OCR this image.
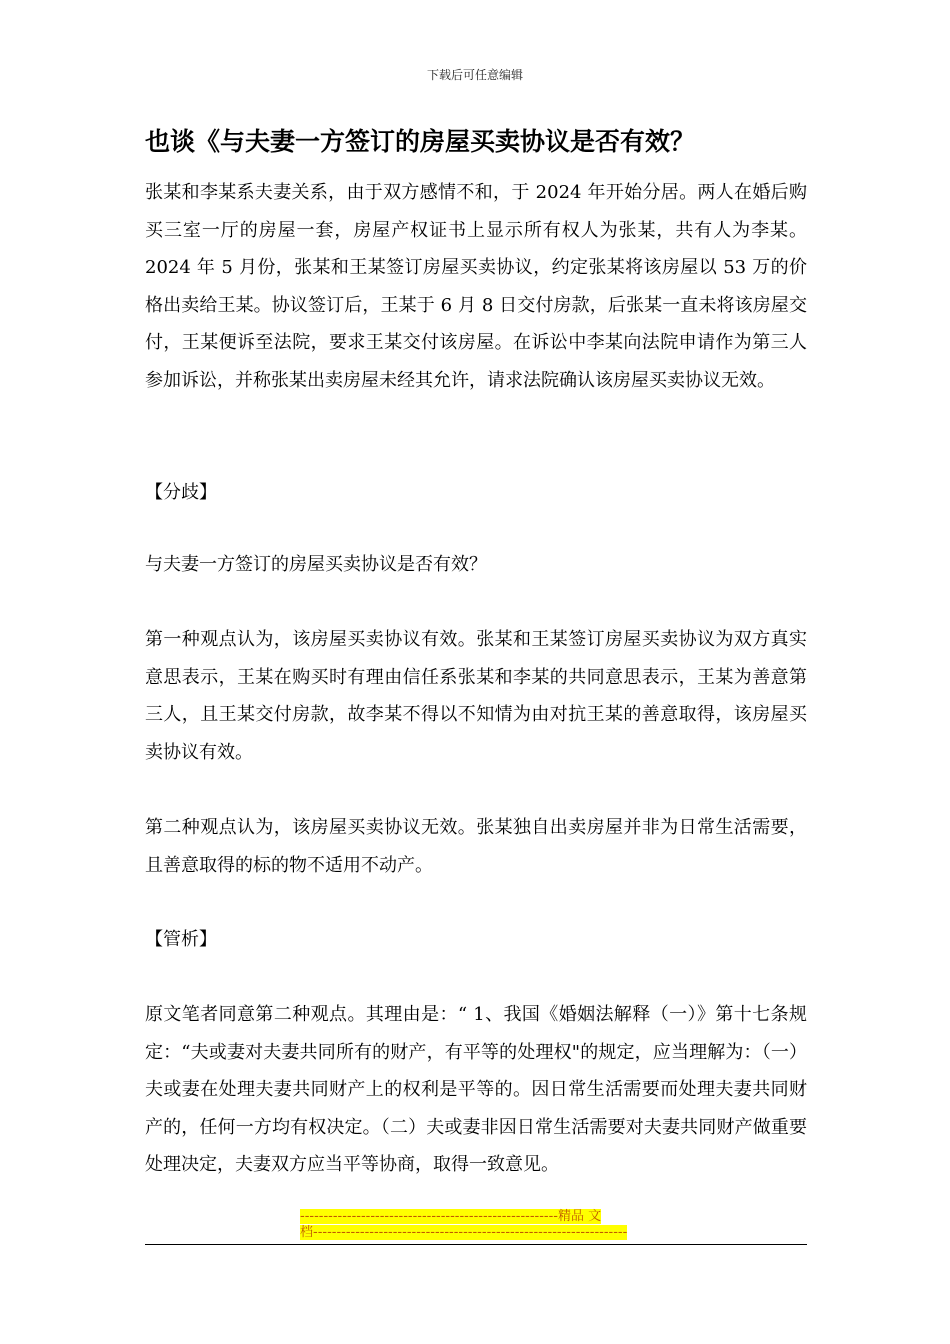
下载后可任意编辑
也谈《与夫妻一方签订的房屋买卖协议是否有效？

张某和李某系夫妻关系，由于双方感情不和，于 2024 年开始分居。两人在婚后购买三室一厅的房屋一套，房屋产权证书上显示所有权人为张某，共有人为李某。2024 年 5 月份，张某和王某签订房屋买卖协议，约定张某将该房屋以 53 万的价格出卖给王某。协议签订后，王某于 6 月 8 日交付房款，后张某一直未将该房屋交付，王某便诉至法院，要求王某交付该房屋。在诉讼中李某向法院申请作为第三人参加诉讼，并称张某出卖房屋未经其允许，请求法院确认该房屋买卖协议无效。

【分歧】

与夫妻一方签订的房屋买卖协议是否有效？

第一种观点认为，该房屋买卖协议有效。张某和王某签订房屋买卖协议为双方真实意思表示，王某在购买时有理由信任系张某和李某的共同意思表示，王某为善意第三人，且王某交付房款，故李某不得以不知情为由对抗王某的善意取得，该房屋买卖协议有效。

第二种观点认为，该房屋买卖协议无效。张某独自出卖房屋并非为日常生活需要，且善意取得的标的物不适用不动产。

【管析】

原文笔者同意第二种观点。其理由是：“ 1、我国《婚姻法解释（一）》第十七条规定：“夫或妻对夫妻共同所有的财产，有平等的处理权"的规定，应当理解为：（一）夫或妻在处理夫妻共同财产上的权利是平等的。因日常生活需要而处理夫妻共同财产的，任何一方均有权决定。（二）夫或妻非因日常生活需要对夫妻共同财产做重要处理决定，夫妻双方应当平等协商，取得一致意见。

-------------------------------------------------------精品 文
档-------------------------------------------------------------------
